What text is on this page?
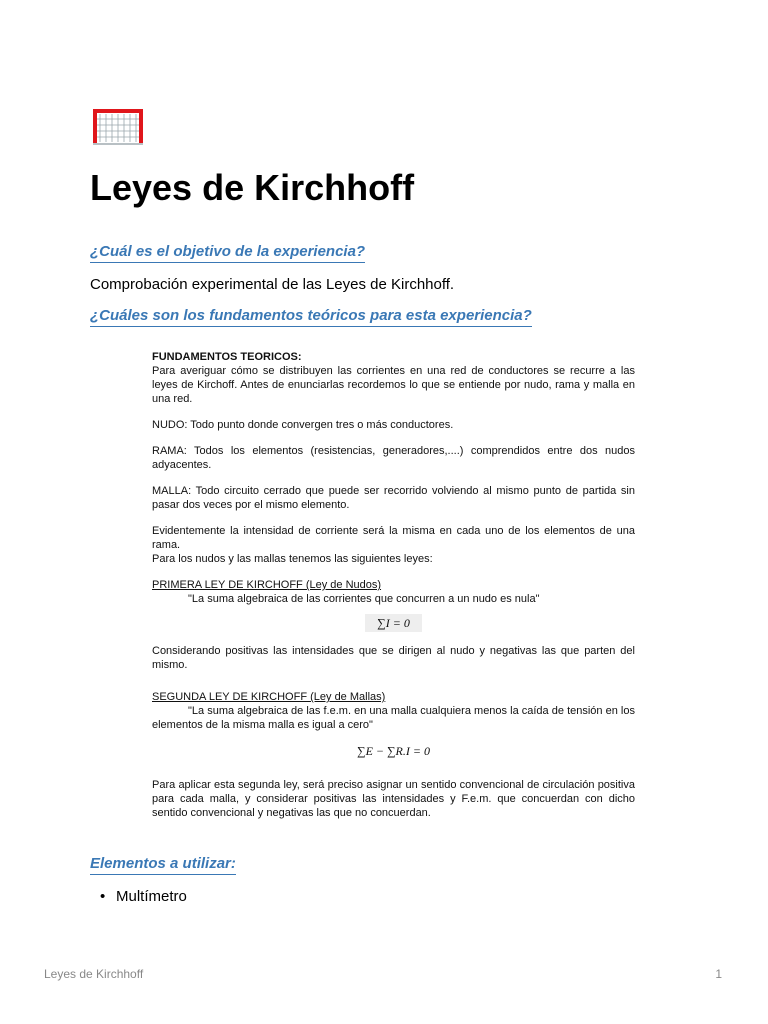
Leyes de Kirchhoff
¿Cuál es el objetivo de la experiencia?

Comprobación experimental de las Leyes de Kirchhoff.

¿Cuáles son los fundamentos teóricos para esta experiencia?

FUNDAMENTOS TEORICOS:

Para averiguar cómo se distribuyen las corrientes en una red de conductores se recurre a las leyes de Kirchoff. Antes de enunciarlas recordemos lo que se entiende por nudo, rama y malla en una red.

NUDO: Todo punto donde convergen tres o más conductores.

RAMA: Todos los elementos (resistencias, generadores,....) comprendidos entre dos nudos adyacentes.

MALLA: Todo circuito cerrado que puede ser recorrido volviendo al mismo punto de partida sin pasar dos veces por el mismo elemento.

Evidentemente la intensidad de corriente será la misma en cada uno de los elementos de una rama.

Para los nudos y las mallas tenemos las siguientes leyes:

PRIMERA LEY DE KIRCHOFF (Ley de Nudos)

"La suma algebraica de las corrientes que concurren a un nudo es nula"

∑I = 0

Considerando positivas las intensidades que se dirigen al nudo y negativas las que parten del mismo.

SEGUNDA LEY DE KIRCHOFF (Ley de Mallas)

"La suma algebraica de las f.e.m. en una malla cualquiera menos la caída de tensión en los elementos de la misma malla es igual a cero"

∑E − ∑R.I = 0

Para aplicar esta segunda ley, será preciso asignar un sentido convencional de circulación positiva para cada malla, y considerar positivas las intensidades y F.e.m. que concuerdan con dicho sentido convencional y negativas las que no concuerdan.

Elementos a utilizar:
• Multímetro
Leyes de Kirchhoff	1
